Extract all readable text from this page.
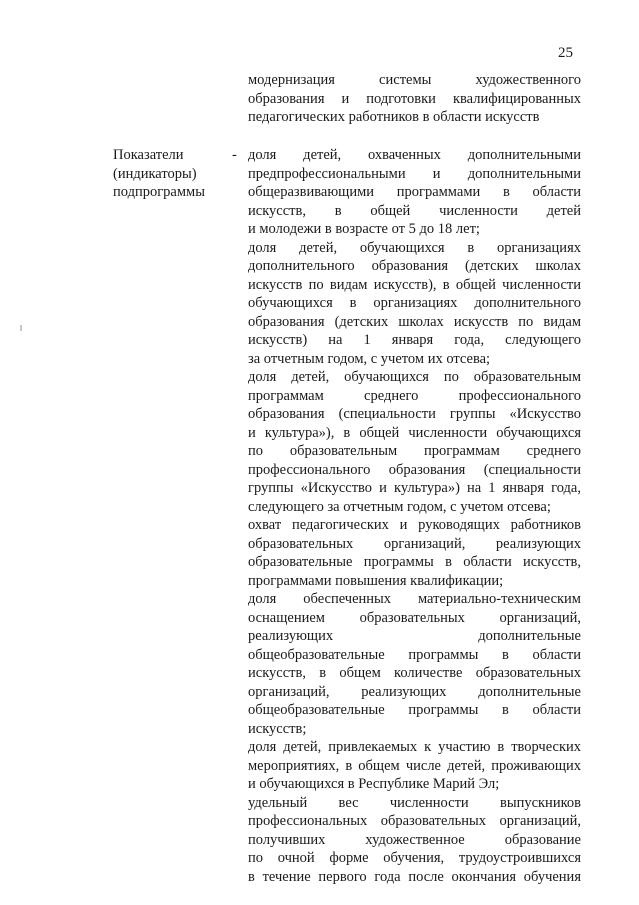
25
модернизация системы художественного
образования и подготовки квалифицированных
педагогических работников в области искусств
Показатели
(индикаторы)
подпрограммы
- доля детей, охваченных дополнительными
предпрофессиональными и дополнительными
общеразвивающими программами в области
искусств, в общей численности детей
и молодежи в возрасте от 5 до 18 лет;
доля детей, обучающихся в организациях
дополнительного образования (детских школах
искусств по видам искусств), в общей численности
обучающихся в организациях дополнительного
образования (детских школах искусств по видам
искусств) на 1 января года, следующего
за отчетным годом, с учетом их отсева;
доля детей, обучающихся по образовательным
программам среднего профессионального
образования (специальности группы «Искусство
и культура»), в общей численности обучающихся
по образовательным программам среднего
профессионального образования (специальности
группы «Искусство и культура») на 1 января года,
следующего за отчетным годом, с учетом отсева;
охват педагогических и руководящих работников
образовательных организаций, реализующих
образовательные программы в области искусств,
программами повышения квалификации;
доля обеспеченных материально-техническим
оснащением образовательных организаций,
реализующих дополнительные
общеобразовательные программы в области
искусств, в общем количестве образовательных
организаций, реализующих дополнительные
общеобразовательные программы в области
искусств;
доля детей, привлекаемых к участию в творческих
мероприятиях, в общем числе детей, проживающих
и обучающихся в Республике Марий Эл;
удельный вес численности выпускников
профессиональных образовательных организаций,
получивших художественное образование
по очной форме обучения, трудоустроившихся
в течение первого года после окончания обучения
